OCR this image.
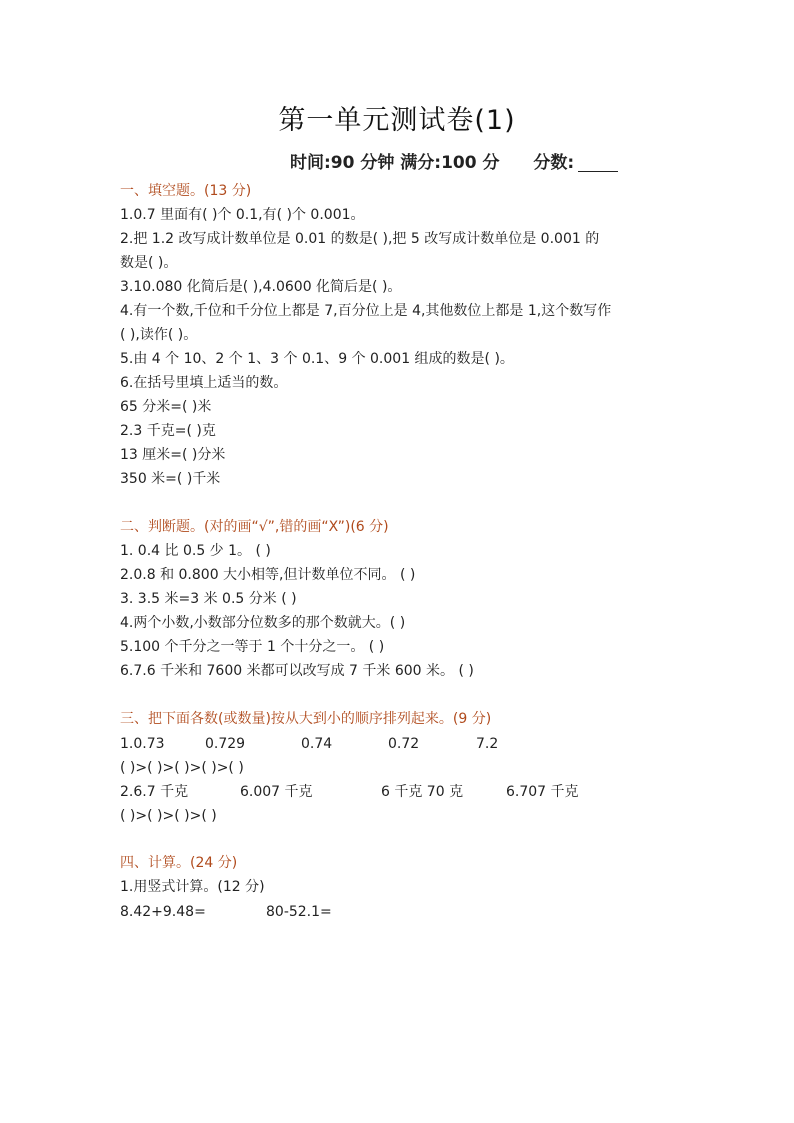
第一单元测试卷(1)
时间:90 分钟 满分:100 分 分数:
一、填空题。(13 分)
1.0.7 里面有( )个 0.1,有( )个 0.001。
2.把 1.2 改写成计数单位是 0.01 的数是( ),把 5 改写成计数单位是 0.001 的
数是( )。
3.10.080 化简后是( ),4.0600 化简后是( )。
4.有一个数,千位和千分位上都是 7,百分位上是 4,其他数位上都是 1,这个数写作
( ),读作( )。
5.由 4 个 10、2 个 1、3 个 0.1、9 个 0.001 组成的数是( )。
6.在括号里填上适当的数。
65 分米=( )米
2.3 千克=( )克
13 厘米=( )分米
350 米=( )千米
二、判断题。(对的画“√”,错的画“X”)(6 分)
1. 0.4 比 0.5 少 1。 ( )
2.0.8 和 0.800 大小相等,但计数单位不同。 ( )
3. 3.5 米=3 米 0.5 分米 ( )
4.两个小数,小数部分位数多的那个数就大。( )
5.100 个千分之一等于 1 个十分之一。 ( )
6.7.6 千米和 7600 米都可以改写成 7 千米 600 米。 ( )
三、把下面各数(或数量)按从大到小的顺序排列起来。(9 分)
1.0.73	0.729	0.74	0.72	7.2
( )>( )>( )>( )>( )
2.6.7 千克	6.007 千克	6 千克 70 克	6.707 千克
( )>( )>( )>( )
四、计算。(24 分)
1.用竖式计算。(12 分)
8.42+9.48=	80-52.1=
